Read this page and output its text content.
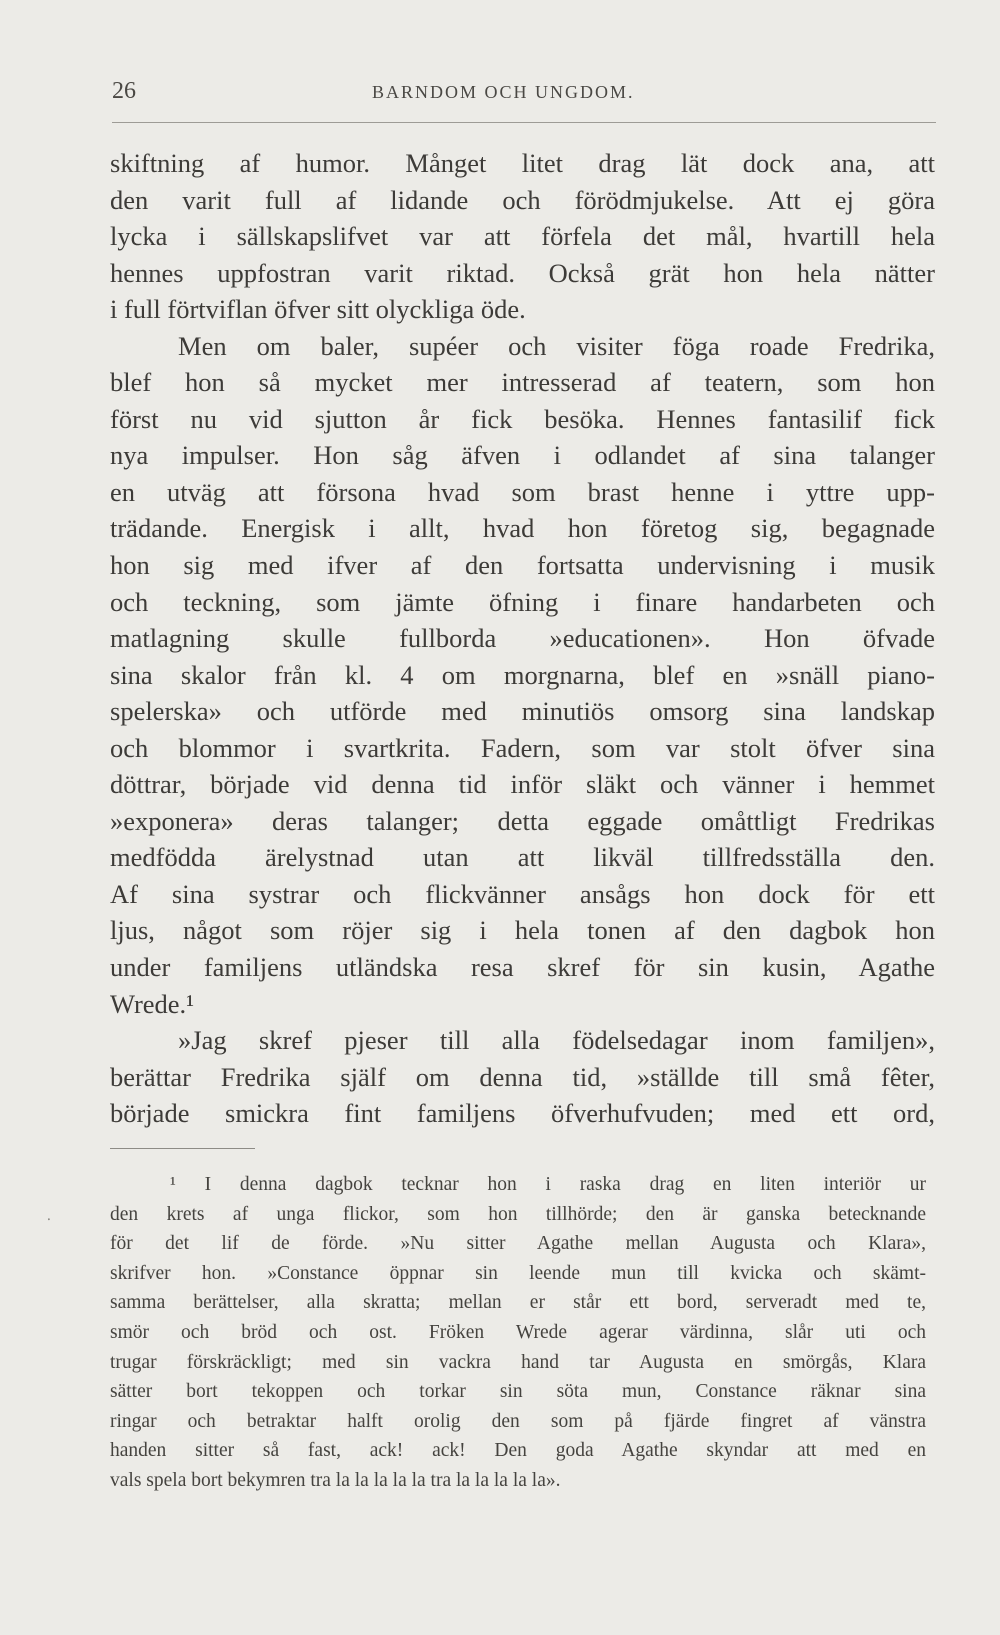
26	BARNDOM OCH UNGDOM.
skiftning af humor. Månget litet drag lät dock ana, att
den varit full af lidande och förödmjukelse. Att ej göra
lycka i sällskapslifvet var att förfela det mål, hvartill hela
hennes uppfostran varit riktad. Också grät hon hela nätter
i full förtviflan öfver sitt olyckliga öde.
Men om baler, supéer och visiter föga roade Fredrika,
blef hon så mycket mer intresserad af teatern, som hon
först nu vid sjutton år fick besöka. Hennes fantasilif fick
nya impulser. Hon såg äfven i odlandet af sina talanger
en utväg att försona hvad som brast henne i yttre upp-
trädande. Energisk i allt, hvad hon företog sig, begagnade
hon sig med ifver af den fortsatta undervisning i musik
och teckning, som jämte öfning i finare handarbeten och
matlagning skulle fullborda »educationen». Hon öfvade
sina skalor från kl. 4 om morgnarna, blef en »snäll piano-
spelerska» och utförde med minutiös omsorg sina landskap
och blommor i svartkrita. Fadern, som var stolt öfver sina
döttrar, började vid denna tid inför släkt och vänner i hemmet
»exponera» deras talanger; detta eggade omåttligt Fredrikas
medfödda ärelystnad utan att likväl tillfredsställa den.
Af sina systrar och flickvänner ansågs hon dock för ett
ljus, något som röjer sig i hela tonen af den dagbok hon
under familjens utländska resa skref för sin kusin, Agathe
Wrede.¹
»Jag skref pjeser till alla födelsedagar inom familjen»,
berättar Fredrika själf om denna tid, »ställde till små fêter,
började smickra fint familjens öfverhufvuden; med ett ord,
⸱
¹ I denna dagbok tecknar hon i raska drag en liten interiör ur
den krets af unga flickor, som hon tillhörde; den är ganska betecknande
för det lif de förde. »Nu sitter Agathe mellan Augusta och Klara»,
skrifver hon. »Constance öppnar sin leende mun till kvicka och skämt-
samma berättelser, alla skratta; mellan er står ett bord, serveradt med te,
smör och bröd och ost. Fröken Wrede agerar värdinna, slår uti och
trugar förskräckligt; med sin vackra hand tar Augusta en smörgås, Klara
sätter bort tekoppen och torkar sin söta mun, Constance räknar sina
ringar och betraktar halft orolig den som på fjärde fingret af vänstra
handen sitter så fast, ack! ack! Den goda Agathe skyndar att med en
vals spela bort bekymren tra la la la la la tra la la la la la».
